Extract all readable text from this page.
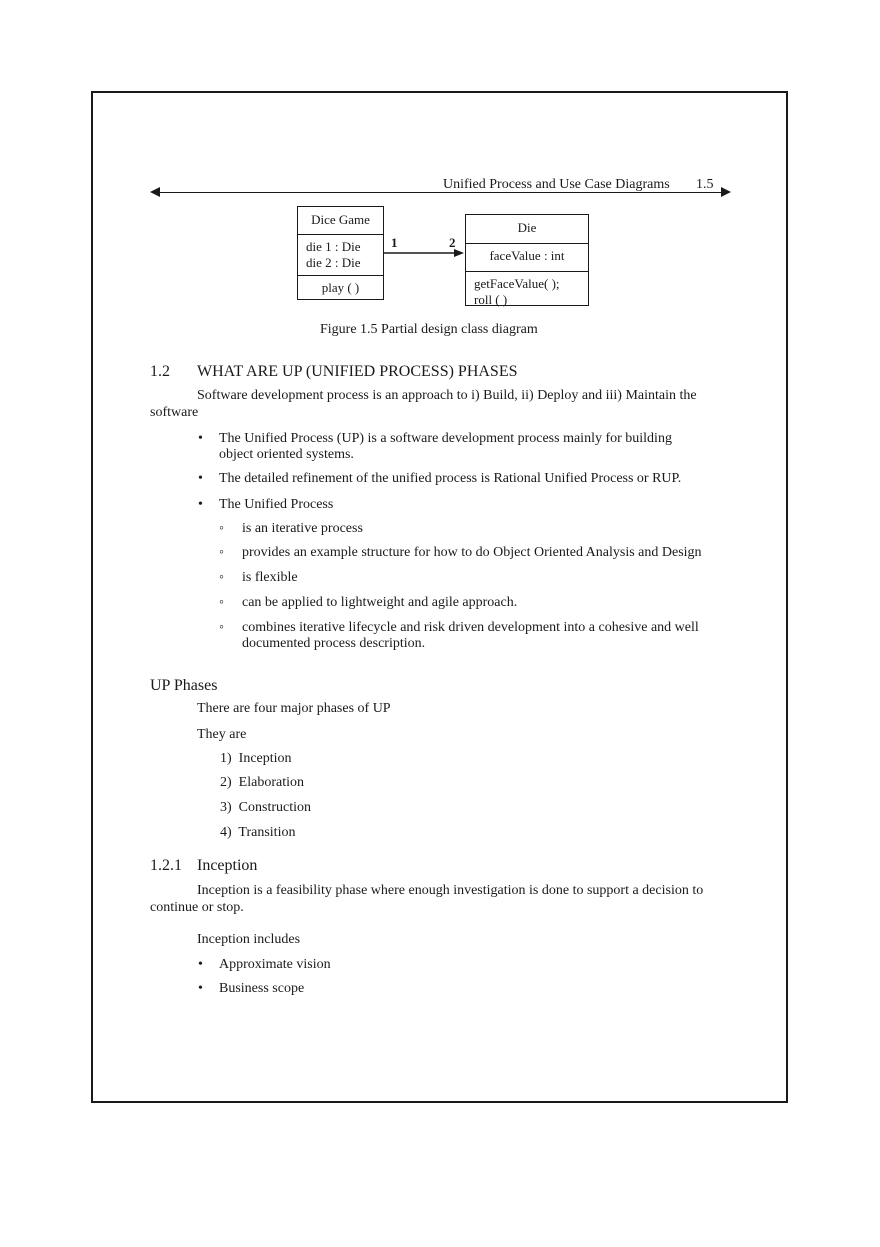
Unified Process and Use Case Diagrams 1.5
Dice Game
die 1 : Die
die 2 : Die
play ( )
1	2
Die
faceValue : int
getFaceValue( );
roll ( )
Figure 1.5 Partial design class diagram
1.2 WHAT ARE UP (UNIFIED PROCESS) PHASES
Software development process is an approach to i) Build, ii) Deploy and iii) Maintain the
software
• The Unified Process (UP) is a software development process mainly for building
object oriented systems.
• The detailed refinement of the unified process is Rational Unified Process or RUP.
• The Unified Process
◦ is an iterative process
◦ provides an example structure for how to do Object Oriented Analysis and Design
◦ is flexible
◦ can be applied to lightweight and agile approach.
◦ combines iterative lifecycle and risk driven development into a cohesive and well
documented process description.
UP Phases
There are four major phases of UP
They are
1)  Inception
2)  Elaboration
3)  Construction
4)  Transition
1.2.1 Inception
Inception is a feasibility phase where enough investigation is done to support a decision to
continue or stop.
Inception includes
• Approximate vision
• Business scope
